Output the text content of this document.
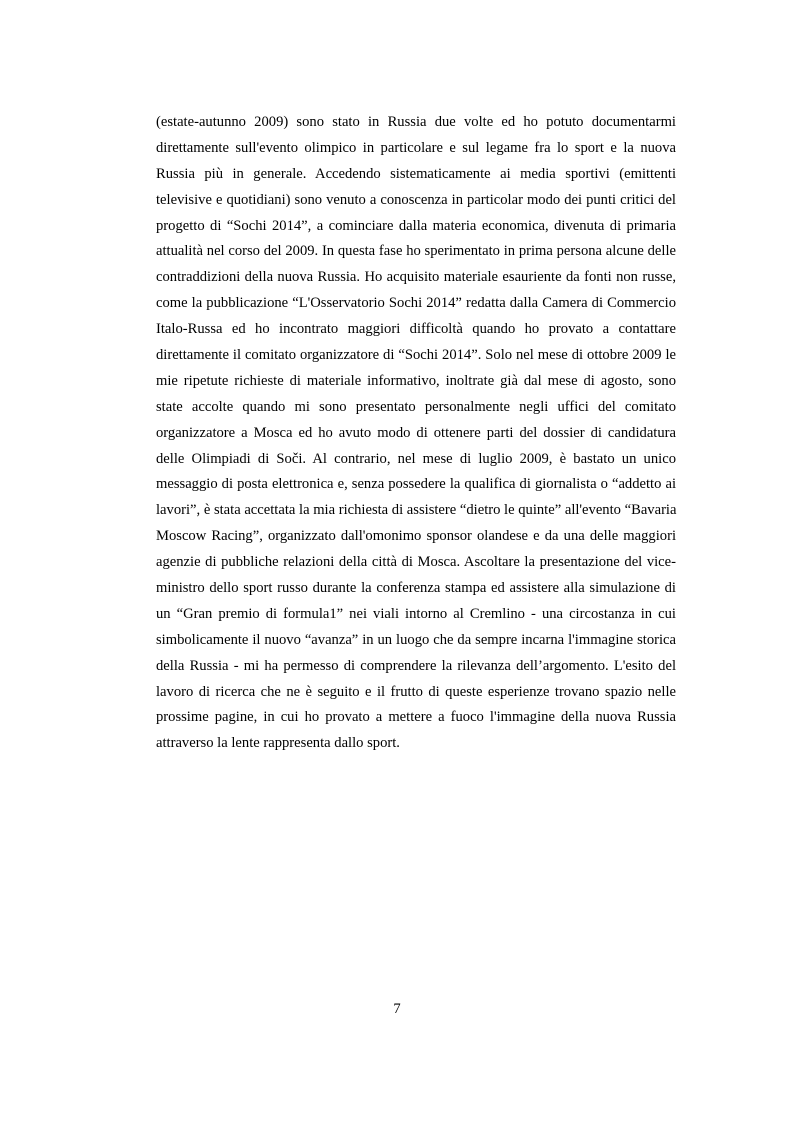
(estate-autunno 2009) sono stato in Russia due volte ed ho potuto documentarmi
direttamente sull'evento olimpico in particolare e sul legame fra lo sport e la nuova
Russia più in generale. Accedendo sistematicamente ai media sportivi (emittenti
televisive e quotidiani) sono venuto a conoscenza in particolar modo dei punti critici del
progetto di “Sochi 2014”, a cominciare dalla materia economica, divenuta di primaria
attualità nel corso del 2009. In questa fase ho sperimentato in prima persona alcune delle
contraddizioni della nuova Russia. Ho acquisito materiale esauriente da fonti non russe,
come la pubblicazione “L'Osservatorio Sochi 2014” redatta dalla Camera di Commercio
Italo-Russa ed ho incontrato maggiori difficoltà quando ho provato a contattare
direttamente il comitato organizzatore di “Sochi 2014”. Solo nel mese di ottobre 2009 le
mie ripetute richieste di materiale informativo, inoltrate già dal mese di agosto, sono
state accolte quando mi sono presentato personalmente negli uffici del comitato
organizzatore a Mosca ed ho avuto modo di ottenere parti del dossier di candidatura
delle Olimpiadi di Soči. Al contrario, nel mese di luglio 2009, è bastato un unico
messaggio di posta elettronica e, senza possedere la qualifica di giornalista o “addetto ai
lavori”, è stata accettata la mia richiesta di assistere “dietro le quinte” all'evento “Bavaria
Moscow Racing”, organizzato dall'omonimo sponsor olandese e da una delle maggiori
agenzie di pubbliche relazioni della città di Mosca. Ascoltare la presentazione del vice-
ministro dello sport russo durante la conferenza stampa ed assistere alla simulazione di
un “Gran premio di formula1” nei viali intorno al Cremlino - una circostanza in cui
simbolicamente il nuovo “avanza” in un luogo che da sempre incarna l'immagine storica
della Russia - mi ha permesso di comprendere la rilevanza dell’argomento. L'esito del
lavoro di ricerca che ne è seguito e il frutto di queste esperienze trovano spazio nelle
prossime pagine, in cui ho provato a mettere a fuoco l'immagine della nuova Russia
attraverso la lente rappresenta dallo sport.
7
